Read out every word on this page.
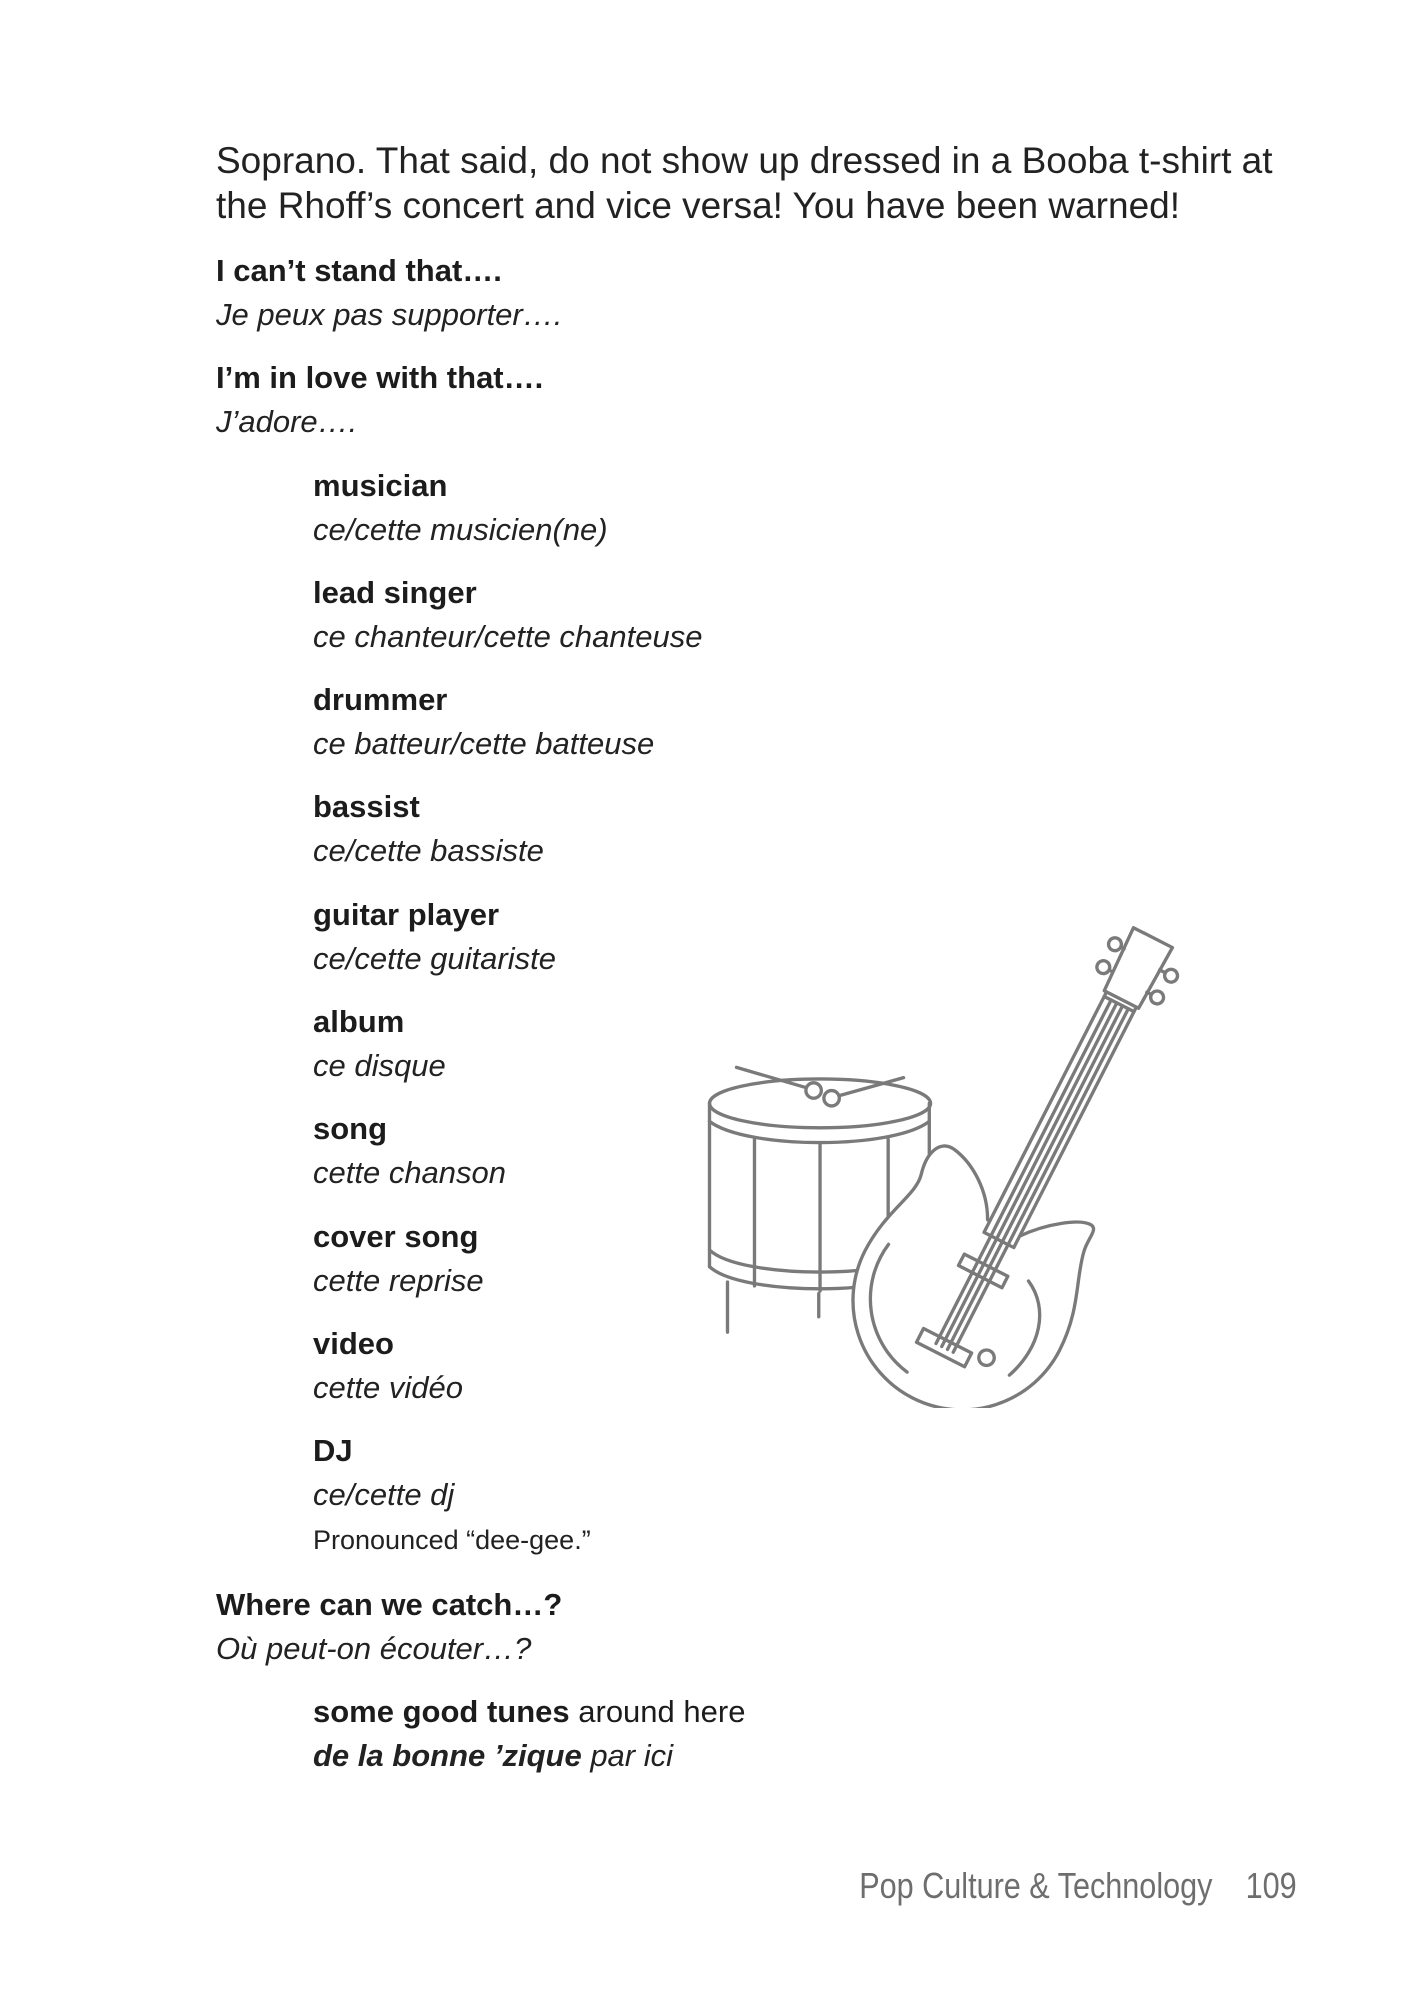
Soprano. That said, do not show up dressed in a Booba t-shirt at the Rhoff’s concert and vice versa! You have been warned!
I can’t stand that….
Je peux pas supporter….
I’m in love with that….
J’adore….
musician
ce/cette musicien(ne)
lead singer
ce chanteur/cette chanteuse
drummer
ce batteur/cette batteuse
bassist
ce/cette bassiste
guitar player
ce/cette guitariste
album
ce disque
song
cette chanson
cover song
cette reprise
video
cette vidéo
DJ
ce/cette dj
Pronounced “dee-gee.”
Where can we catch…?
Où peut-on écouter…?
some good tunes around here
de la bonne ’zique par ici
Pop Culture & Technology 109
